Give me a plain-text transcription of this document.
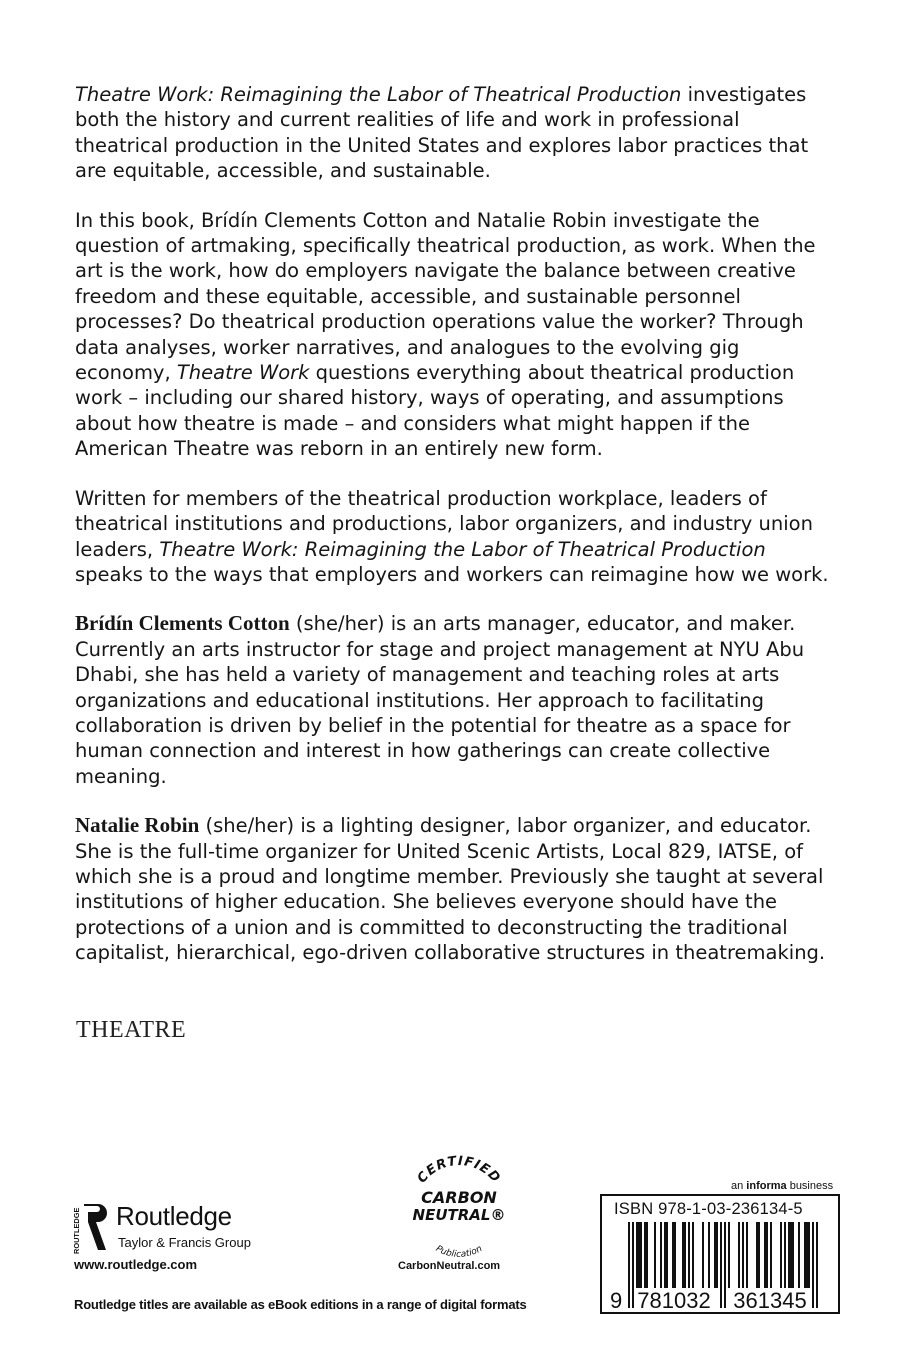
Theatre Work: Reimagining the Labor of Theatrical Production investigates both the history and current realities of life and work in professional theatrical production in the United States and explores labor practices that are equitable, accessible, and sustainable.

In this book, Brídín Clements Cotton and Natalie Robin investigate the question of artmaking, specifically theatrical production, as work. When the art is the work, how do employers navigate the balance between creative freedom and these equitable, accessible, and sustainable personnel processes? Do theatrical production operations value the worker? Through data analyses, worker narratives, and analogues to the evolving gig economy, Theatre Work questions everything about theatrical production work – including our shared history, ways of operating, and assumptions about how theatre is made – and considers what might happen if the American Theatre was reborn in an entirely new form.

Written for members of the theatrical production workplace, leaders of theatrical institutions and productions, labor organizers, and industry union leaders, Theatre Work: Reimagining the Labor of Theatrical Production speaks to the ways that employers and workers can reimagine how we work.

Brídín Clements Cotton (she/her) is an arts manager, educator, and maker. Currently an arts instructor for stage and project management at NYU Abu Dhabi, she has held a variety of management and teaching roles at arts organizations and educational institutions. Her approach to facilitating collaboration is driven by belief in the potential for theatre as a space for human connection and interest in how gatherings can create collective meaning.

Natalie Robin (she/her) is a lighting designer, labor organizer, and educator. She is the full-time organizer for United Scenic Artists, Local 829, IATSE, of which she is a proud and longtime member. Previously she taught at several institutions of higher education. She believes everyone should have the protections of a union and is committed to deconstructing the traditional capitalist, hierarchical, ego-driven collaborative structures in theatremaking.

THEATRE
ROUTLEDGE Routledge
Taylor & Francis Group
www.routledge.com
CERTIFIED
CARBON
NEUTRAL®
Publication
CarbonNeutral.com
an informa business
ISBN 978-1-03-236134-5
9 781032 361345
Routledge titles are available as eBook editions in a range of digital formats
